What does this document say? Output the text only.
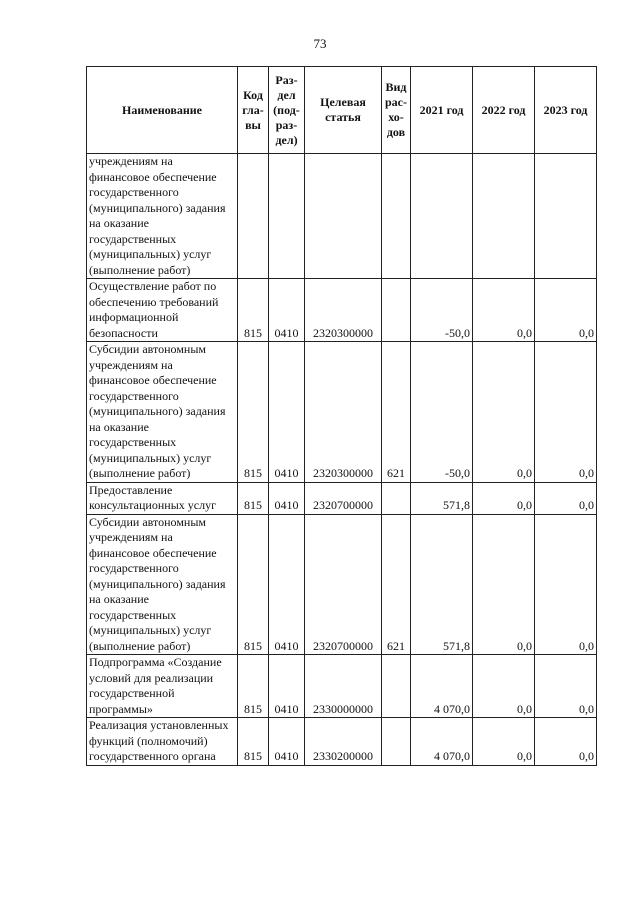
73
Наименование	Код гла- вы	Раз- дел (под- раз- дел)	Целевая статья	Вид рас- хо- дов	2021 год	2022 год	2023 год
учреждениям на финансовое обеспечение государственного (муниципального) задания на оказание государственных (муниципальных) услуг (выполнение работ)							
Осуществление работ по обеспечению требований информационной безопасности	815	0410	2320300000		-50,0	0,0	0,0
Субсидии автономным учреждениям на финансовое обеспечение государственного (муниципального) задания на оказание государственных (муниципальных) услуг (выполнение работ)	815	0410	2320300000	621	-50,0	0,0	0,0
Предоставление консультационных услуг	815	0410	2320700000		571,8	0,0	0,0
Субсидии автономным учреждениям на финансовое обеспечение государственного (муниципального) задания на оказание государственных (муниципальных) услуг (выполнение работ)	815	0410	2320700000	621	571,8	0,0	0,0
Подпрограмма «Создание условий для реализации государственной программы»	815	0410	2330000000		4 070,0	0,0	0,0
Реализация установленных функций (полномочий) государственного органа	815	0410	2330200000		4 070,0	0,0	0,0
